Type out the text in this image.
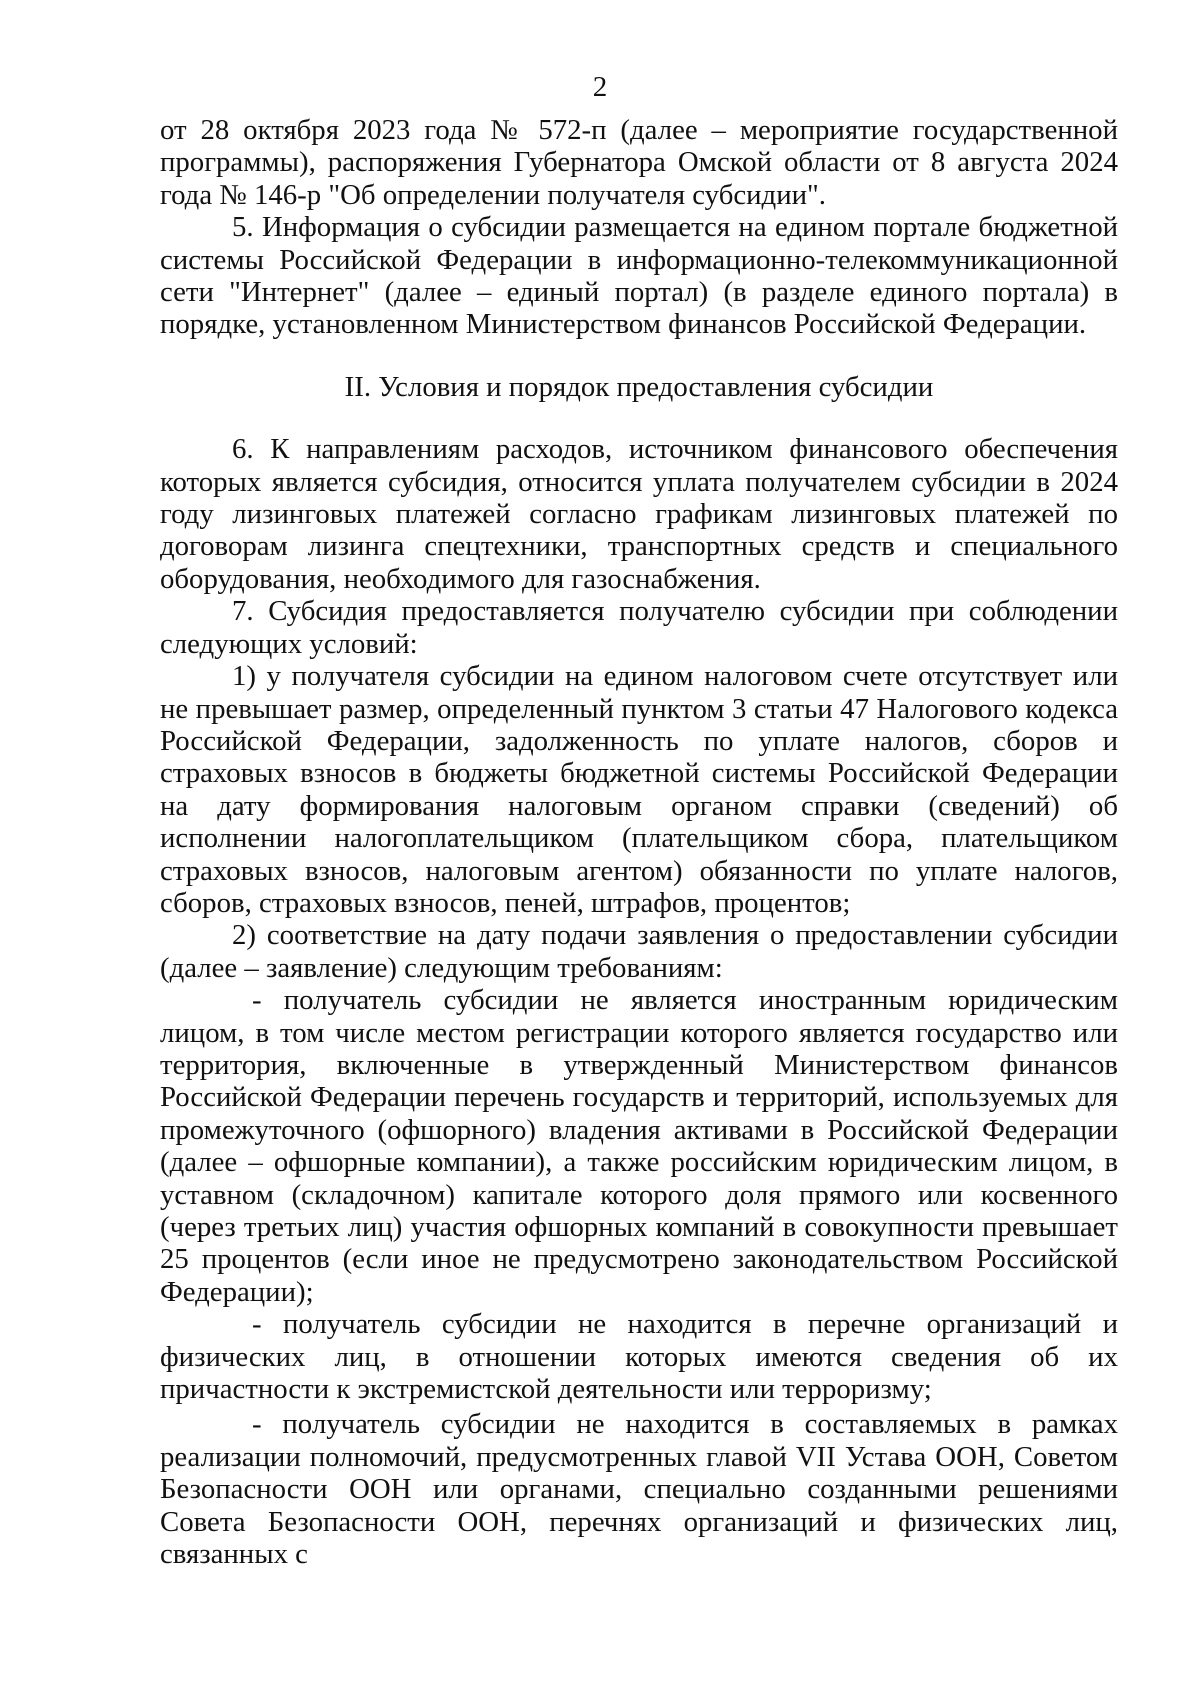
2

от 28 октября 2023 года № 572-п (далее – мероприятие государственной программы), распоряжения Губернатора Омской области от 8 августа 2024 года № 146-р "Об определении получателя субсидии".

5. Информация о субсидии размещается на едином портале бюджетной системы Российской Федерации в информационно-телекоммуникационной сети "Интернет" (далее – единый портал) (в разделе единого портала) в порядке, установленном Министерством финансов Российской Федерации.

II. Условия и порядок предоставления субсидии

6. К направлениям расходов, источником финансового обеспечения которых является субсидия, относится уплата получателем субсидии в 2024 году лизинговых платежей согласно графикам лизинговых платежей по договорам лизинга спецтехники, транспортных средств и специального оборудования, необходимого для газоснабжения.

7. Субсидия предоставляется получателю субсидии при соблюдении следующих условий:

1) у получателя субсидии на едином налоговом счете отсутствует или не превышает размер, определенный пунктом 3 статьи 47 Налогового кодекса Российской Федерации, задолженность по уплате налогов, сборов и страховых взносов в бюджеты бюджетной системы Российской Федерации на дату формирования налоговым органом справки (сведений) об исполнении налогоплательщиком (плательщиком сбора, плательщиком страховых взносов, налоговым агентом) обязанности по уплате налогов, сборов, страховых взносов, пеней, штрафов, процентов;

2) соответствие на дату подачи заявления о предоставлении субсидии (далее – заявление) следующим требованиям:

- получатель субсидии не является иностранным юридическим лицом, в том числе местом регистрации которого является государство или территория, включенные в утвержденный Министерством финансов Российской Федерации перечень государств и территорий, используемых для промежуточного (офшорного) владения активами в Российской Федерации (далее – офшорные компании), а также российским юридическим лицом, в уставном (складочном) капитале которого доля прямого или косвенного (через третьих лиц) участия офшорных компаний в совокупности превышает 25 процентов (если иное не предусмотрено законодательством Российской Федерации);

- получатель субсидии не находится в перечне организаций и физических лиц, в отношении которых имеются сведения об их причастности к экстремистской деятельности или терроризму;

- получатель субсидии не находится в составляемых в рамках реализации полномочий, предусмотренных главой VII Устава ООН, Советом Безопасности ООН или органами, специально созданными решениями Совета Безопасности ООН, перечнях организаций и физических лиц, связанных с
